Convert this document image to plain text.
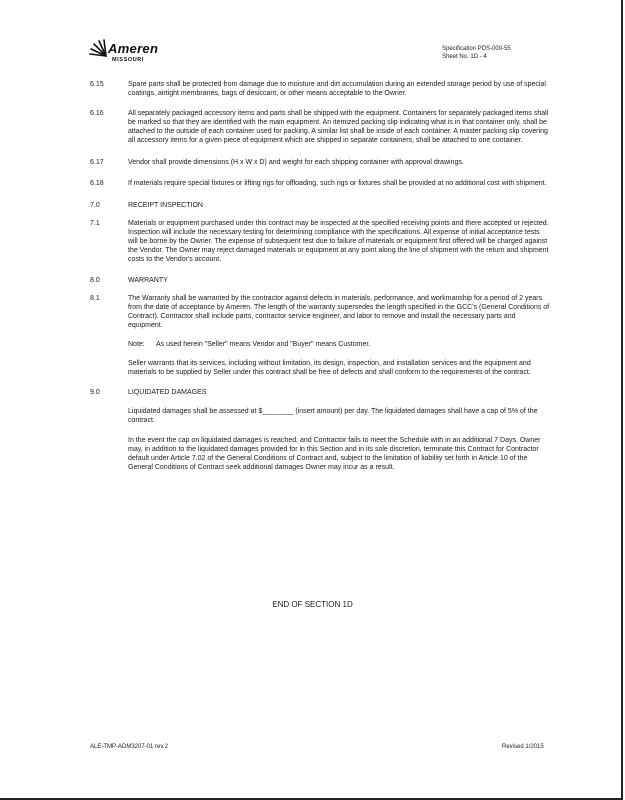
Ameren
MISSOURI
Specification PDS-000-55
Sheet No. 1D - 4
6.15	Spare parts shall be protected from damage due to moisture and dirt accumulation during an extended storage period by use of special coatings, airtight membranes, bags of desiccant, or other means acceptable to the Owner.

6.16	All separately packaged accessory items and parts shall be shipped with the equipment. Containers for separately packaged items shall be marked so that they are identified with the main equipment. An itemized packing slip indicating what is in that container only, shall be attached to the outside of each container used for packing. A similar list shall be inside of each container. A master packing slip covering all accessory items for a given piece of equipment which are shipped in separate containers, shall be attached to one container.

6.17	Vendor shall provide dimensions (H x W x D) and weight for each shipping container with approval drawings.

6.18	If materials require special fixtures or lifting rigs for offloading, such rigs or fixtures shall be provided at no additional cost with shipment.

7.0	RECEIPT INSPECTION

7.1	Materials or equipment purchased under this contract may be inspected at the specified receiving points and there accepted or rejected. Inspection will include the necessary testing for determining compliance with the specifications. All expense of initial acceptance tests will be borne by the Owner. The expense of subsequent test due to failure of materials or equipment first offered will be charged against the Vendor. The Owner may reject damaged materials or equipment at any point along the line of shipment with the return and shipment costs to the Vendor's account.

8.0	WARRANTY

8.1	The Warranty shall be warranted by the contractor against defects in materials, performance, and workmanship for a period of 2 years from the date of acceptance by Ameren. The length of the warranty supersedes the length specified in the GCC's (General Conditions of Contract). Contractor shall include parts, contractor service engineer, and labor to remove and install the necessary parts and equipment.

Note:      As used herein "Seller" means Vendor and "Buyer" means Customer.

Seller warrants that its services, including without limitation, its design, inspection, and installation services and the equipment and materials to be supplied by Seller under this contract shall be free of defects and shall conform to the requirements of the contract.

9.0	LIQUIDATED DAMAGES

Liquidated damages shall be assessed at $________ (insert amount) per day. The liquidated damages shall have a cap of 5% of the contract.

In the event the cap on liquidated damages is reached, and Contractor fails to meet the Schedule with in an additional 7 Days, Owner may, in addition to the liquidated damages provided for in this Section and in its sole discretion, terminate this Contract for Contractor default under Article 7.02 of the General Conditions of Contract and, subject to the limitation of liability set forth in Article 10 of the General Conditions of Contract seek additional damages Owner may incur as a result.

END OF SECTION 1D
ALE-TMP-ADM3207-01 rev.2	Revised 1/2015
